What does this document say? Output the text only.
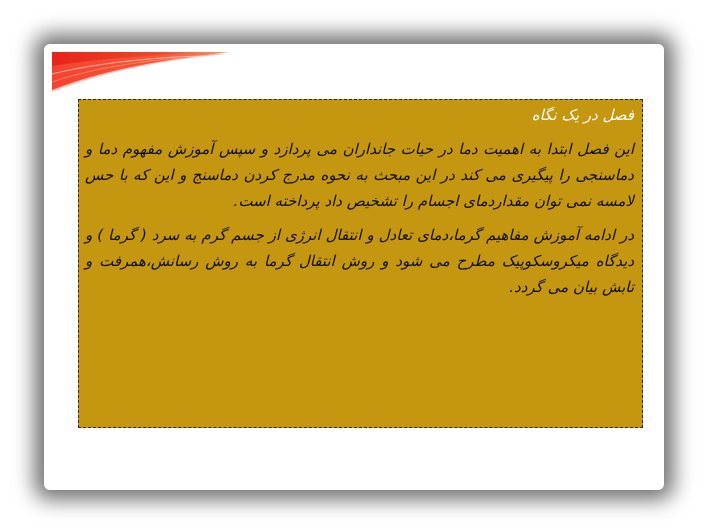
فصل در یک نگاه

این فصل ابتدا به اهمیت دما در حیات جانداران می پردازد و سپس آموزش مفهوم دما و دماسنجی را پیگیری می کند در این مبحث به نحوه مدرج کردن دماسنج و این که با حس لامسه نمی توان مقداردمای اجسام را تشخیص داد پرداخته است.

در ادامه آموزش مفاهیم گرما،دمای تعادل و انتقال انرژی از جسم گرم به سرد ( گرما ) و دیدگاه میکروسکوپیک مطرح می شود و روش انتقال گرما به روش رسانش،همرفت و تابش بیان می گردد.
